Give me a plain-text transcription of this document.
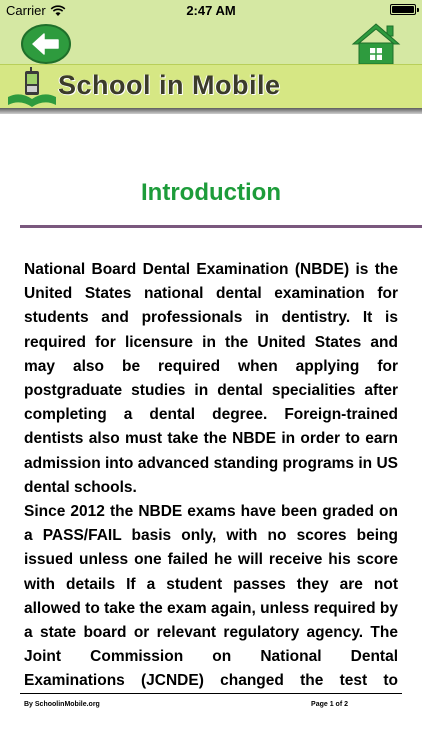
Carrier	2:47 AM
School in Mobile
Introduction

National Board Dental Examination (NBDE) is the United States national dental examination for students and professionals in dentistry. It is required for licensure in the United States and may also be required when applying for postgraduate studies in dental specialities after completing a dental degree. Foreign-trained dentists also must take the NBDE in order to earn admission into advanced standing programs in US dental schools.

Since 2012 the NBDE exams have been graded on a PASS/FAIL basis only, with no scores being issued unless one failed he will receive his score with details If a student passes they are not allowed to take the exam again, unless required by a state board or relevant regulatory agency. The Joint Commission on National Dental Examinations (JCNDE) changed the test to

By SchoolinMobile.org	Page 1 of 2
